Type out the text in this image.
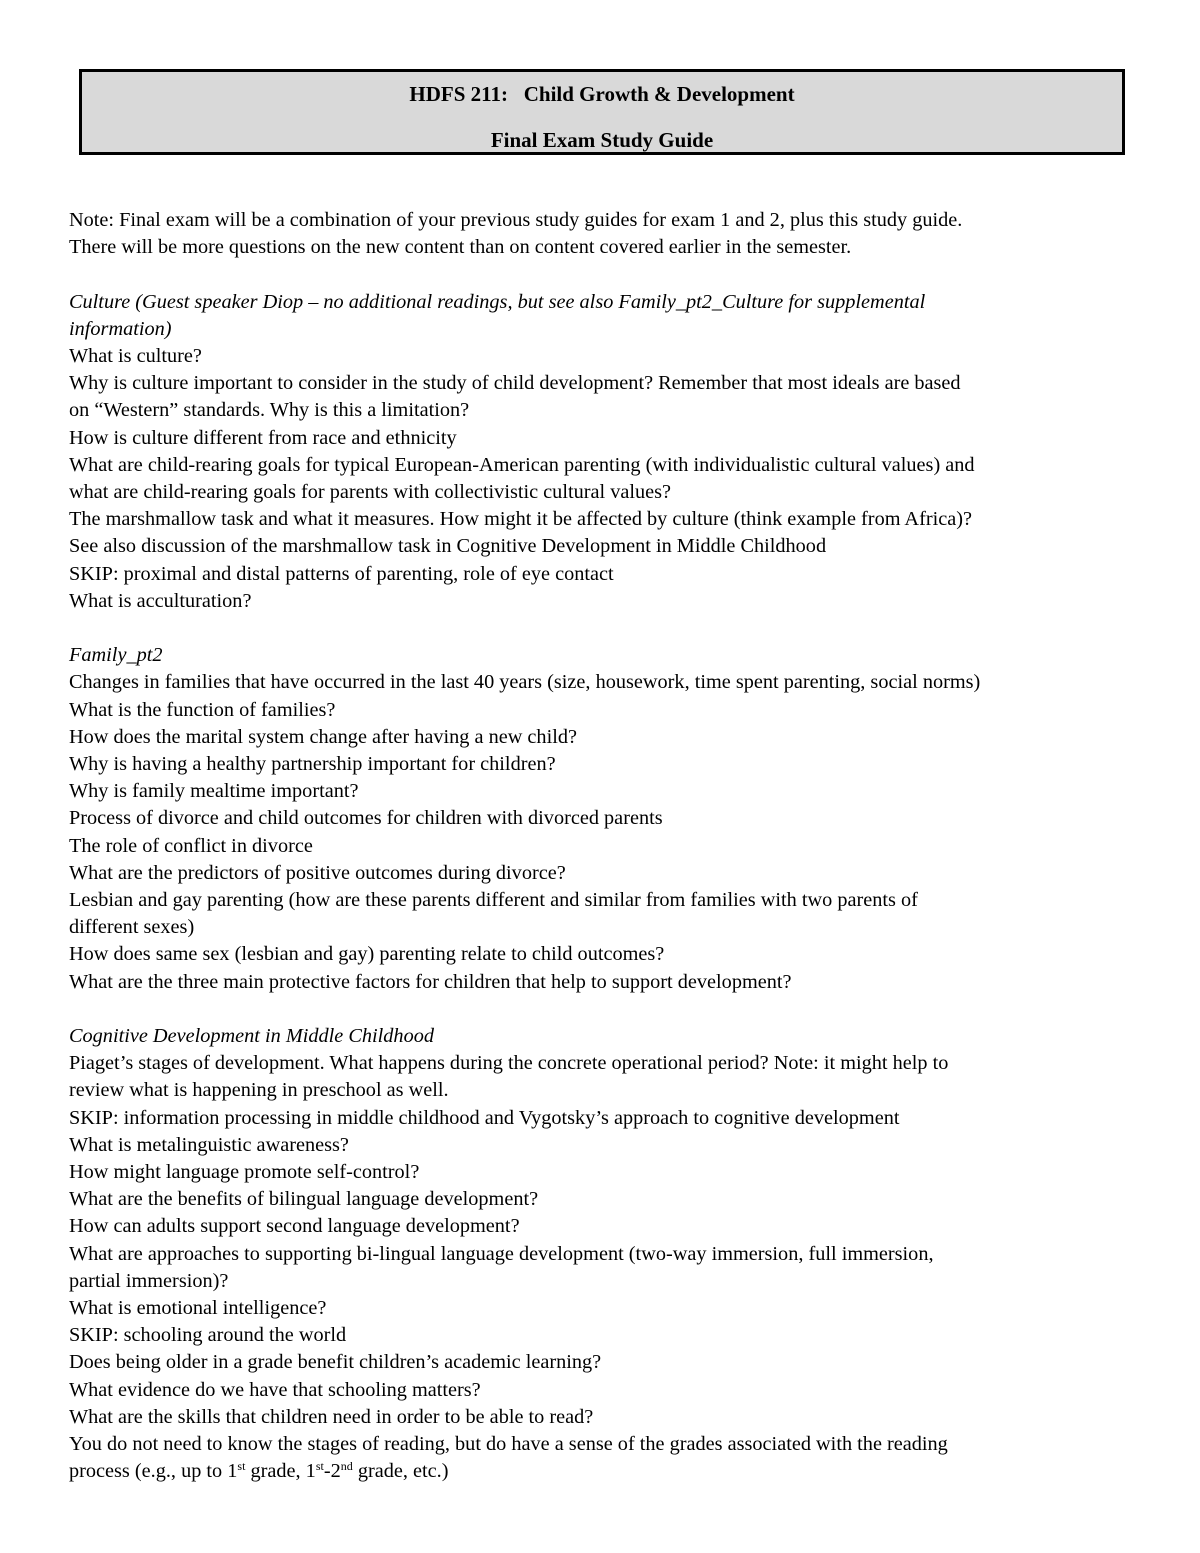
HDFS 211:   Child Growth & Development
Final Exam Study Guide
Note: Final exam will be a combination of your previous study guides for exam 1 and 2, plus this study guide.
There will be more questions on the new content than on content covered earlier in the semester.
Culture (Guest speaker Diop – no additional readings, but see also Family_pt2_Culture for supplemental
information)
What is culture?
Why is culture important to consider in the study of child development? Remember that most ideals are based
on “Western” standards. Why is this a limitation?
How is culture different from race and ethnicity
What are child-rearing goals for typical European-American parenting (with individualistic cultural values) and
what are child-rearing goals for parents with collectivistic cultural values?
The marshmallow task and what it measures. How might it be affected by culture (think example from Africa)?
See also discussion of the marshmallow task in Cognitive Development in Middle Childhood
SKIP: proximal and distal patterns of parenting, role of eye contact
What is acculturation?
Family_pt2
Changes in families that have occurred in the last 40 years (size, housework, time spent parenting, social norms)
What is the function of families?
How does the marital system change after having a new child?
Why is having a healthy partnership important for children?
Why is family mealtime important?
Process of divorce and child outcomes for children with divorced parents
The role of conflict in divorce
What are the predictors of positive outcomes during divorce?
Lesbian and gay parenting (how are these parents different and similar from families with two parents of
different sexes)
How does same sex (lesbian and gay) parenting relate to child outcomes?
What are the three main protective factors for children that help to support development?
Cognitive Development in Middle Childhood
Piaget’s stages of development. What happens during the concrete operational period? Note: it might help to
review what is happening in preschool as well.
SKIP: information processing in middle childhood and Vygotsky’s approach to cognitive development
What is metalinguistic awareness?
How might language promote self-control?
What are the benefits of bilingual language development?
How can adults support second language development?
What are approaches to supporting bi-lingual language development (two-way immersion, full immersion,
partial immersion)?
What is emotional intelligence?
SKIP: schooling around the world
Does being older in a grade benefit children’s academic learning?
What evidence do we have that schooling matters?
What are the skills that children need in order to be able to read?
You do not need to know the stages of reading, but do have a sense of the grades associated with the reading
process (e.g., up to 1st grade, 1st-2nd grade, etc.)
